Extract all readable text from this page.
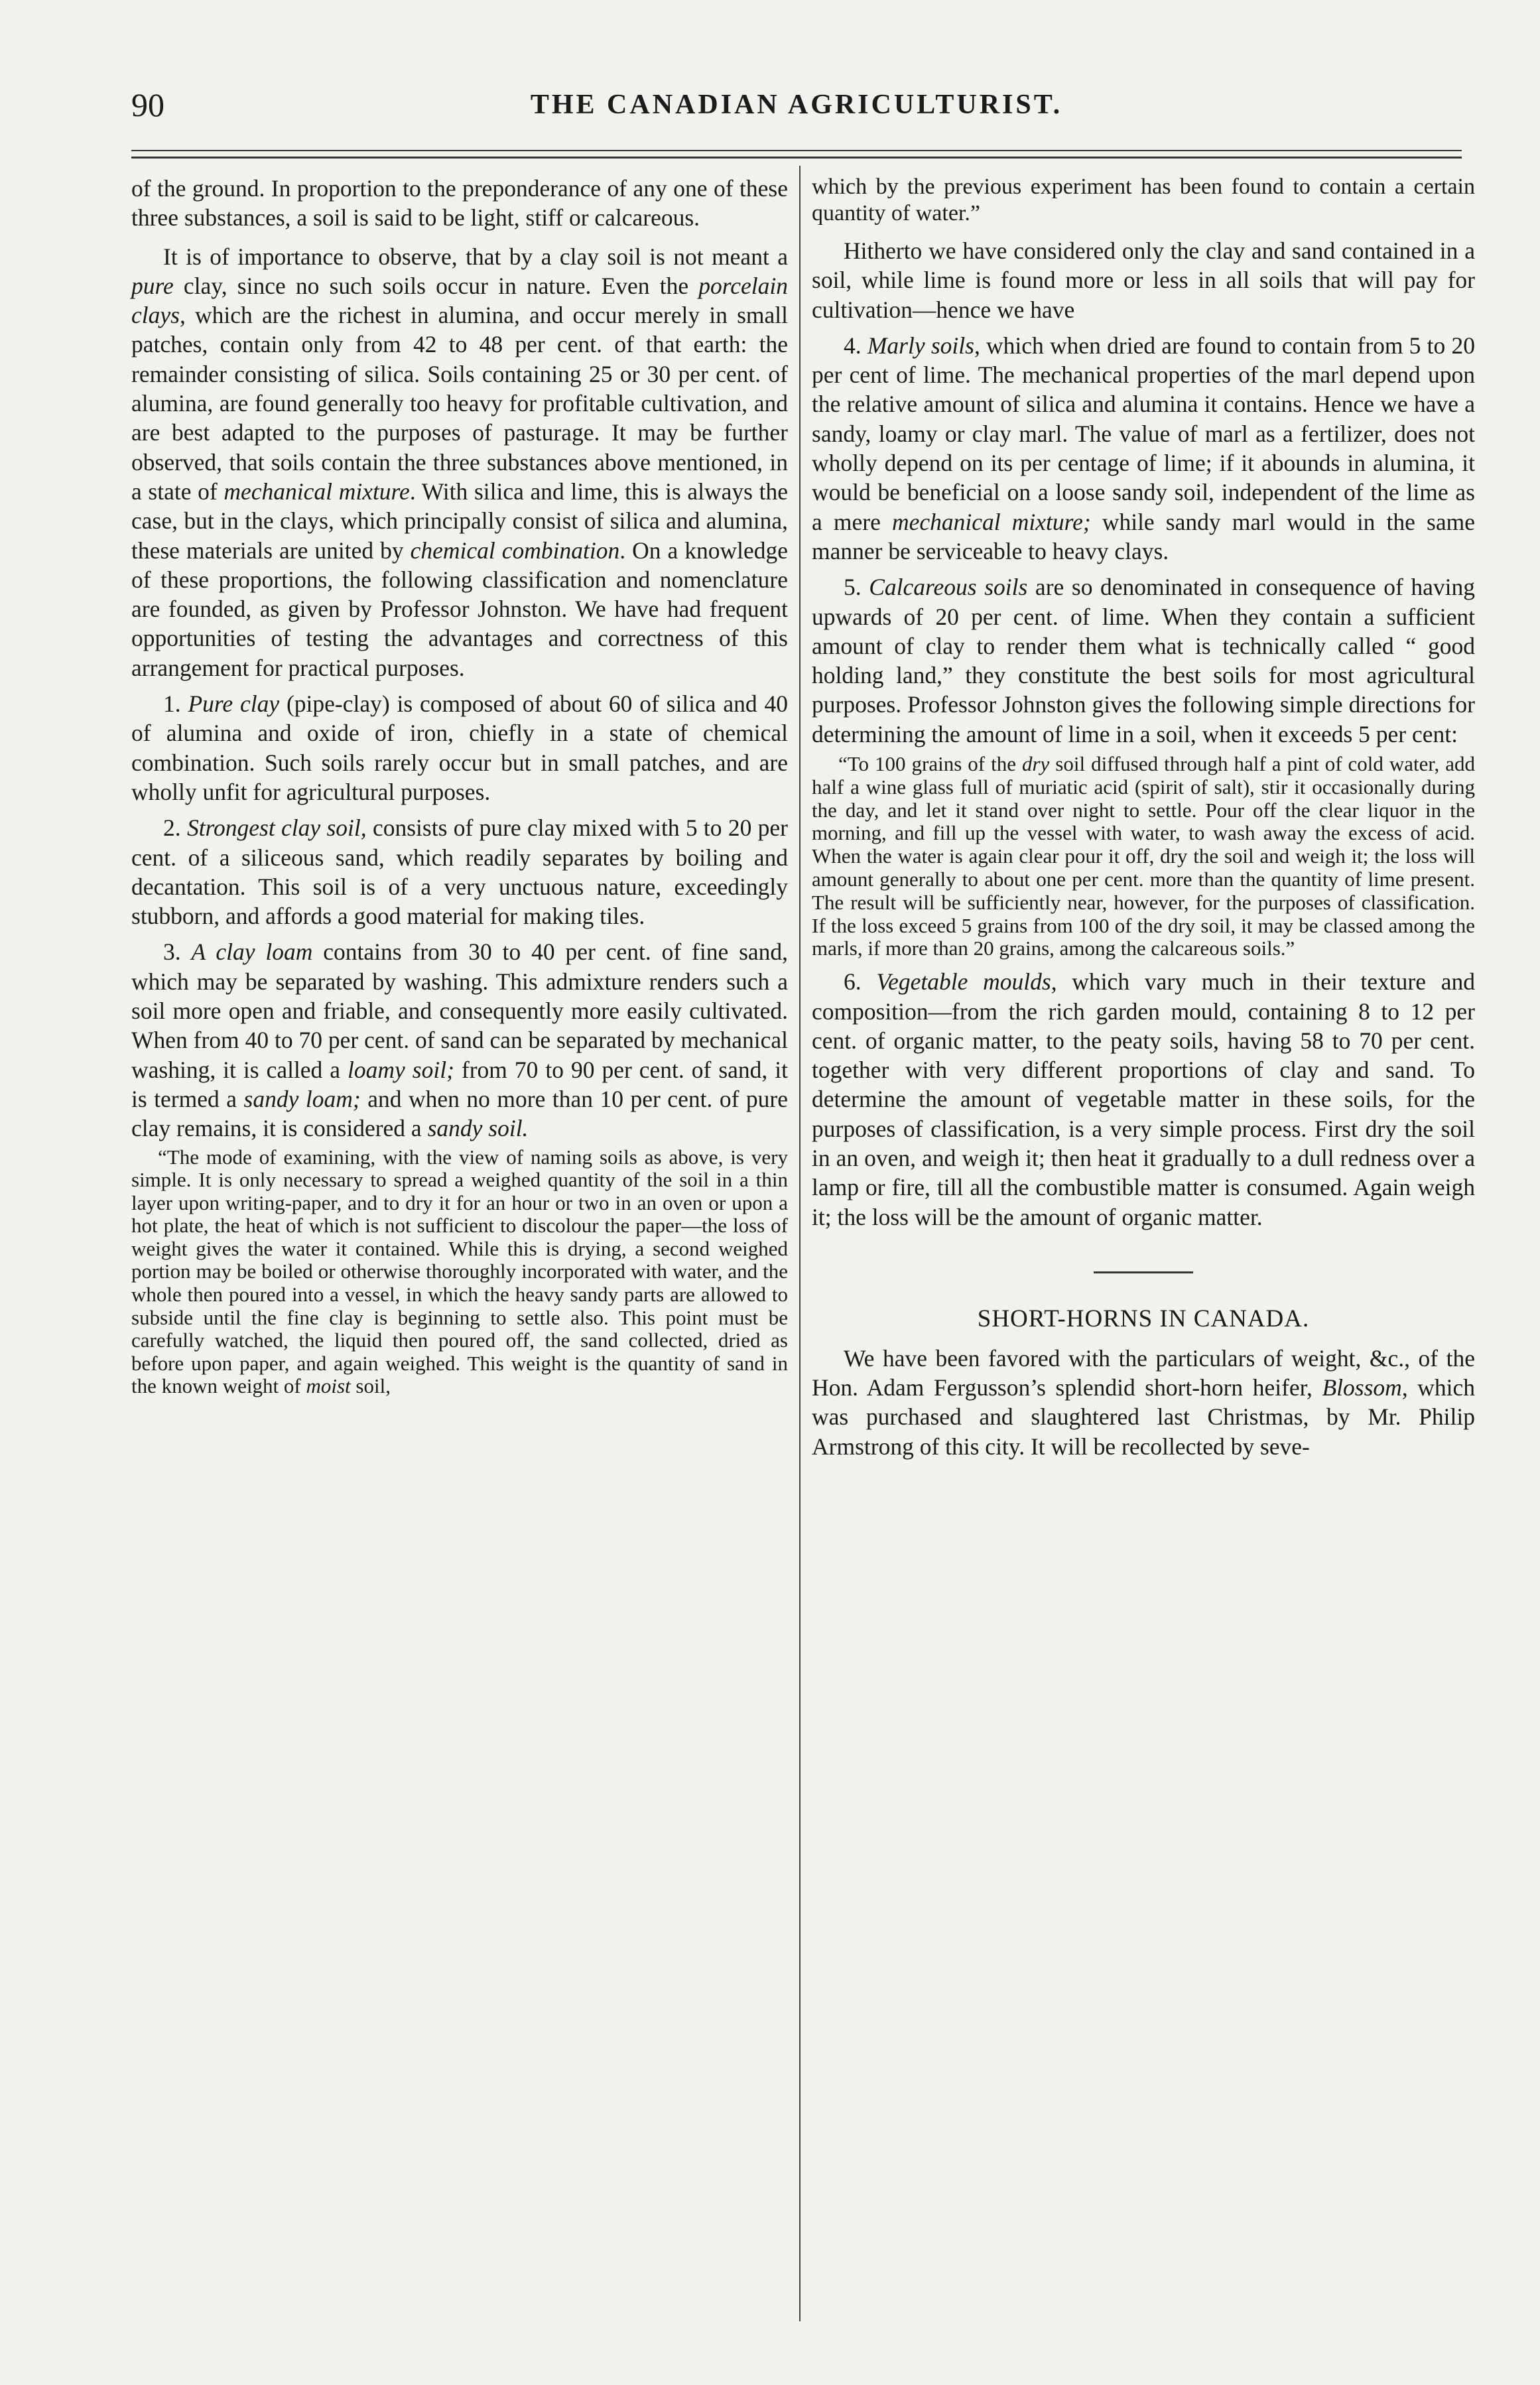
90	THE CANADIAN AGRICULTURIST.

of the ground. In proportion to the preponderance of any one of these three substances, a soil is said to be light, stiff or calcareous.

It is of importance to observe, that by a clay soil is not meant a pure clay, since no such soils occur in nature. Even the porcelain clays, which are the richest in alumina, and occur merely in small patches, contain only from 42 to 48 per cent. of that earth: the remainder consisting of silica. Soils containing 25 or 30 per cent. of alumina, are found generally too heavy for profitable cultivation, and are best adapted to the purposes of pasturage. It may be further observed, that soils contain the three substances above mentioned, in a state of mechanical mixture. With silica and lime, this is always the case, but in the clays, which principally consist of silica and alumina, these materials are united by chemical combination. On a knowledge of these proportions, the following classification and nomenclature are founded, as given by Professor Johnston. We have had frequent opportunities of testing the advantages and correctness of this arrangement for practical purposes.

1. Pure clay (pipe-clay) is composed of about 60 of silica and 40 of alumina and oxide of iron, chiefly in a state of chemical combination. Such soils rarely occur but in small patches, and are wholly unfit for agricultural purposes.

2. Strongest clay soil, consists of pure clay mixed with 5 to 20 per cent. of a siliceous sand, which readily separates by boiling and decantation. This soil is of a very unctuous nature, exceedingly stubborn, and affords a good material for making tiles.

3. A clay loam contains from 30 to 40 per cent. of fine sand, which may be separated by washing. This admixture renders such a soil more open and friable, and consequently more easily cultivated. When from 40 to 70 per cent. of sand can be separated by mechanical washing, it is called a loamy soil; from 70 to 90 per cent. of sand, it is termed a sandy loam; and when no more than 10 per cent. of pure clay remains, it is considered a sandy soil.

“The mode of examining, with the view of naming soils as above, is very simple. It is only necessary to spread a weighed quantity of the soil in a thin layer upon writing-paper, and to dry it for an hour or two in an oven or upon a hot plate, the heat of which is not sufficient to discolour the paper—the loss of weight gives the water it contained. While this is drying, a second weighed portion may be boiled or otherwise thoroughly incorporated with water, and the whole then poured into a vessel, in which the heavy sandy parts are allowed to subside until the fine clay is beginning to settle also. This point must be carefully watched, the liquid then poured off, the sand collected, dried as before upon paper, and again weighed. This weight is the quantity of sand in the known weight of moist soil,

which by the previous experiment has been found to contain a certain quantity of water.”

Hitherto we have considered only the clay and sand contained in a soil, while lime is found more or less in all soils that will pay for cultivation—hence we have

4. Marly soils, which when dried are found to contain from 5 to 20 per cent of lime. The mechanical properties of the marl depend upon the relative amount of silica and alumina it contains. Hence we have a sandy, loamy or clay marl. The value of marl as a fertilizer, does not wholly depend on its per centage of lime; if it abounds in alumina, it would be beneficial on a loose sandy soil, independent of the lime as a mere mechanical mixture; while sandy marl would in the same manner be serviceable to heavy clays.

5. Calcareous soils are so denominated in consequence of having upwards of 20 per cent. of lime. When they contain a sufficient amount of clay to render them what is technically called “ good holding land,” they constitute the best soils for most agricultural purposes. Professor Johnston gives the following simple directions for determining the amount of lime in a soil, when it exceeds 5 per cent:

“To 100 grains of the dry soil diffused through half a pint of cold water, add half a wine glass full of muriatic acid (spirit of salt), stir it occasionally during the day, and let it stand over night to settle. Pour off the clear liquor in the morning, and fill up the vessel with water, to wash away the excess of acid. When the water is again clear pour it off, dry the soil and weigh it; the loss will amount generally to about one per cent. more than the quantity of lime present. The result will be sufficiently near, however, for the purposes of classification. If the loss exceed 5 grains from 100 of the dry soil, it may be classed among the marls, if more than 20 grains, among the calcareous soils.”

6. Vegetable moulds, which vary much in their texture and composition—from the rich garden mould, containing 8 to 12 per cent. of organic matter, to the peaty soils, having 58 to 70 per cent. together with very different proportions of clay and sand. To determine the amount of vegetable matter in these soils, for the purposes of classification, is a very simple process. First dry the soil in an oven, and weigh it; then heat it gradually to a dull redness over a lamp or fire, till all the combustible matter is consumed. Again weigh it; the loss will be the amount of organic matter.

SHORT-HORNS IN CANADA.

We have been favored with the particulars of weight, &c., of the Hon. Adam Fergusson’s splendid short-horn heifer, Blossom, which was purchased and slaughtered last Christmas, by Mr. Philip Armstrong of this city. It will be recollected by seve-
